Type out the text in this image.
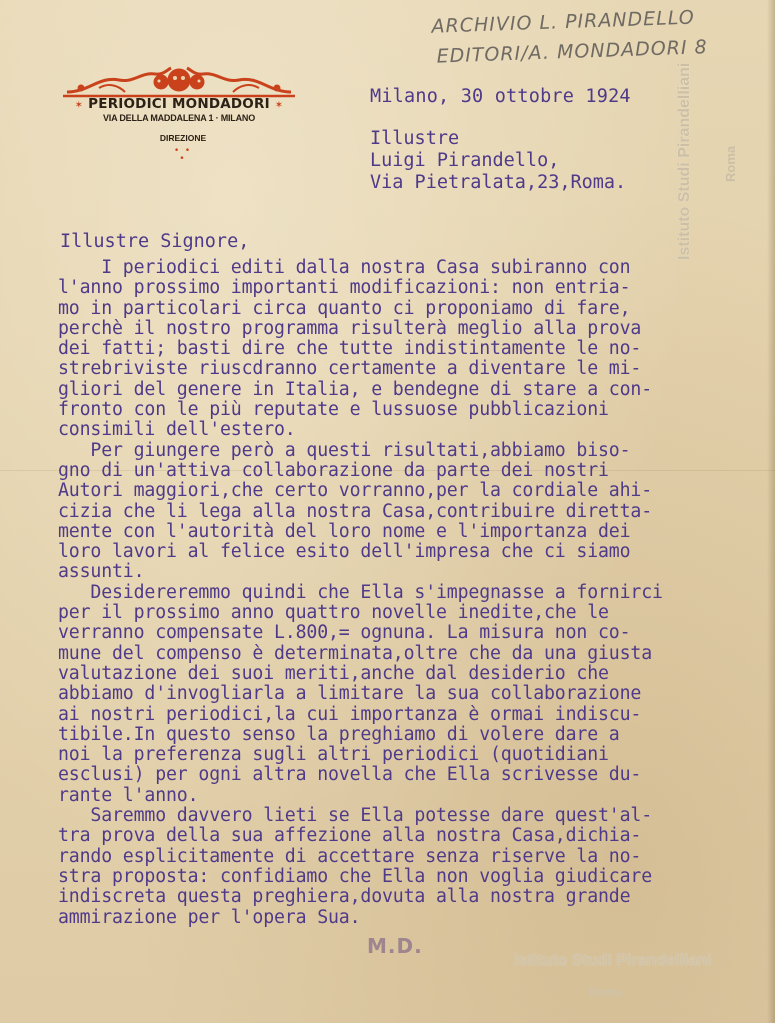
ARCHIVIO L. PIRANDELLO
EDITORI/A. MONDADORI 8
✶ PERIODICI MONDADORI ✶
VIA DELLA MADDALENA 1 · MILANO
DIREZIONE
• •
•
Milano, 30 ottobre 1924
Illustre
Luigi Pirandello,
Via Pietralata,23,Roma.
Illustre Signore,
I periodici editi dalla nostra Casa subiranno con
l'anno prossimo importanti modificazioni: non entria-
mo in particolari circa quanto ci proponiamo di fare,
perchè il nostro programma risulterà meglio alla prova
dei fatti; basti dire che tutte indistintamente le no-
strebriviste riuscdranno certamente a diventare le mi-
gliori del genere in Italia, e bendegne di stare a con-
fronto con le più reputate e lussuose pubblicazioni
consimili dell'estero.
Per giungere però a questi risultati,abbiamo biso-
gno di un'attiva collaborazione da parte dei nostri
Autori maggiori,che certo vorranno,per la cordiale ahi-
cizia che li lega alla nostra Casa,contribuire diretta-
mente con l'autorità del loro nome e l'importanza dei
loro lavori al felice esito dell'impresa che ci siamo
assunti.
Desidereremmo quindi che Ella s'impegnasse a fornirci
per il prossimo anno quattro novelle inedite,che le
verranno compensate L.800,= ognuna. La misura non co-
mune del compenso è determinata,oltre che da una giusta
valutazione dei suoi meriti,anche dal desiderio che
abbiamo d'invogliarla a limitare la sua collaborazione
ai nostri periodici,la cui importanza è ormai indiscu-
tibile.In questo senso la preghiamo di volere dare a
noi la preferenza sugli altri periodici (quotidiani
esclusi) per ogni altra novella che Ella scrivesse du-
rante l'anno.
Saremmo davvero lieti se Ella potesse dare quest'al-
tra prova della sua affezione alla nostra Casa,dichia-
rando esplicitamente di accettare senza riserve la no-
stra proposta: confidiamo che Ella non voglia giudicare
indiscreta questa preghiera,dovuta alla nostra grande
ammirazione per l'opera Sua.
Istituto Studi Pirandelliani Roma
Istituto Studi Pirandelliani
Roma
M.D.
